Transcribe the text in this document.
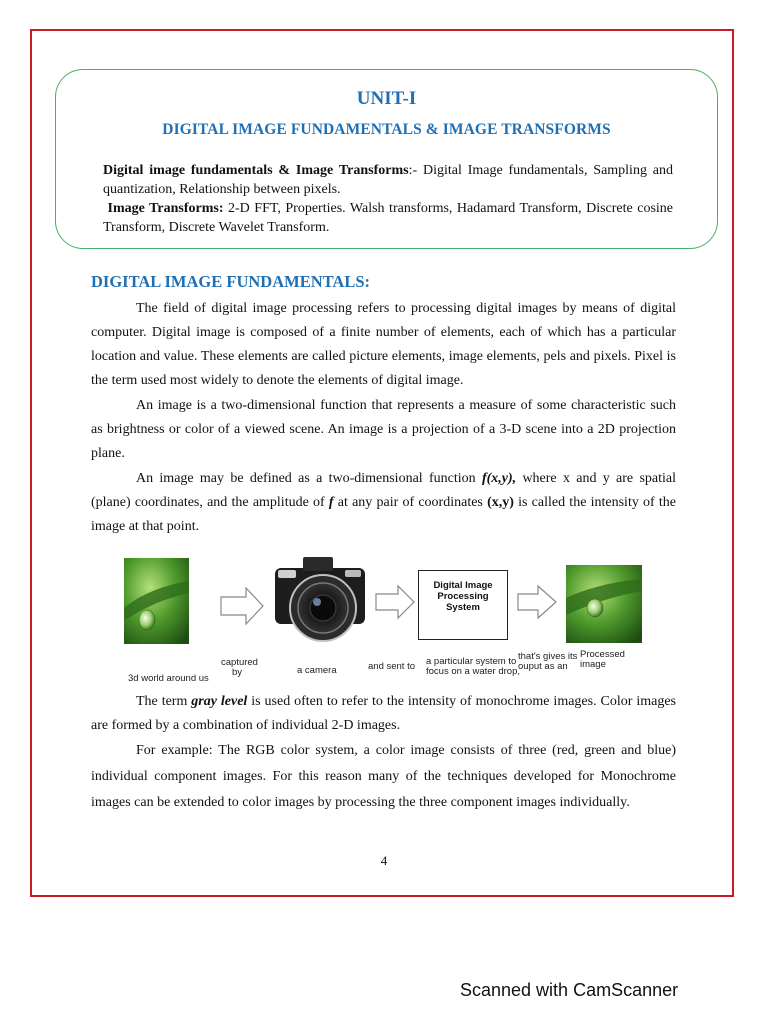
UNIT-I
DIGITAL IMAGE FUNDAMENTALS & IMAGE TRANSFORMS
Digital image fundamentals & Image Transforms:- Digital Image fundamentals, Sampling and quantization, Relationship between pixels.
Image Transforms: 2-D FFT, Properties. Walsh transforms, Hadamard Transform, Discrete cosine Transform, Discrete Wavelet Transform.
DIGITAL IMAGE FUNDAMENTALS:
The field of digital image processing refers to processing digital images by means of digital computer. Digital image is composed of a finite number of elements, each of which has a particular location and value. These elements are called picture elements, image elements, pels and pixels. Pixel is the term used most widely to denote the elements of digital image.
An image is a two-dimensional function that represents a measure of some characteristic such as brightness or color of a viewed scene. An image is a projection of a 3-D scene into a 2D projection plane.
An image may be defined as a two-dimensional function f(x,y), where x and y are spatial (plane) coordinates, and the amplitude of f at any pair of coordinates (x,y) is called the intensity of the image at that point.
Digital Image Processing
System
3d world around us
captured
by	a camera	and sent to a particular system to
focus on a water drop,
that's gives its
ouput as an
Processed image
The term gray level is used often to refer to the intensity of monochrome images. Color images are formed by a combination of individual 2-D images.
For example: The RGB color system, a color image consists of three (red, green and blue) individual component images. For this reason many of the techniques developed for Monochrome images can be extended to color images by processing the three component images individually.
4
Scanned with CamScanner
